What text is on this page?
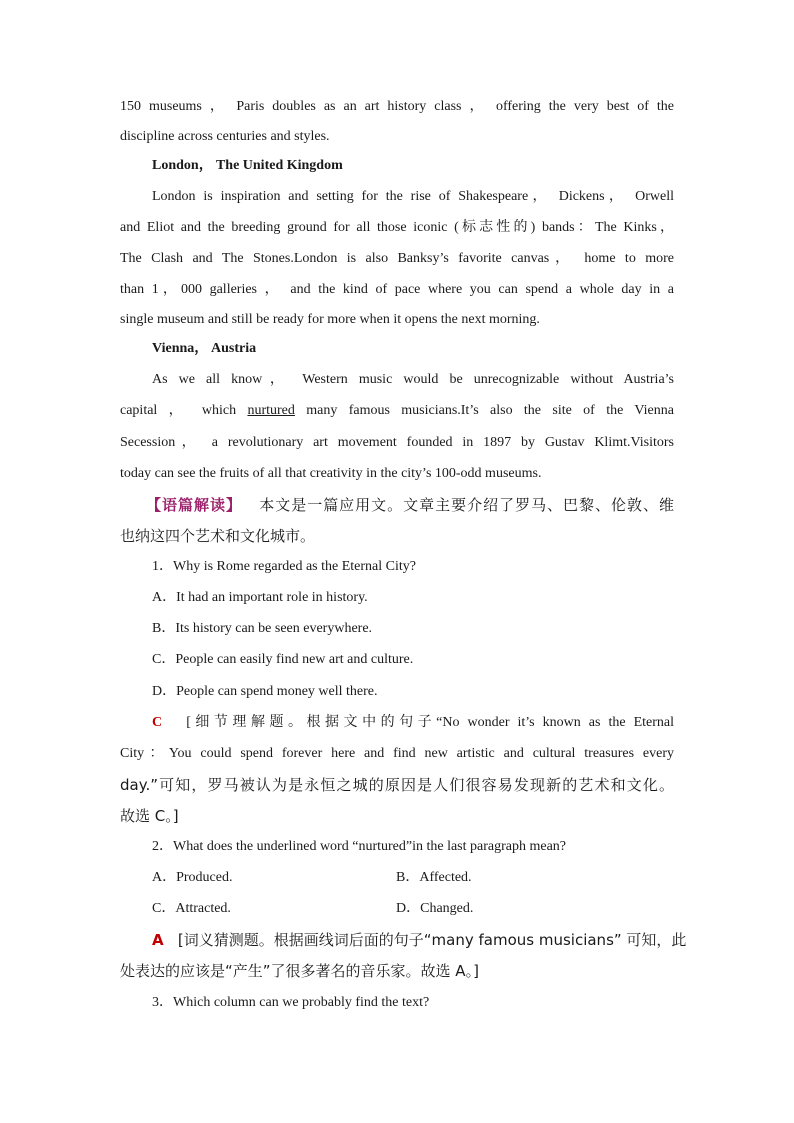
150 museums ， Paris doubles as an art history class ， offering the very best of the
discipline across centuries and styles.
London， The United Kingdom
London is inspiration and setting for the rise of Shakespeare， Dickens， Orwell
and Eliot and the breeding ground for all those iconic (标志性的) bands：The Kinks，
The Clash and The Stones.London is also Banksy’s favorite canvas， home to more
than 1，000 galleries ， and the kind of pace where you can spend a whole day in a
single museum and still be ready for more when it opens the next morning.
Vienna， Austria
As we all know， Western music would be unrecognizable without Austria’s
capital ， which nurtured many famous musicians.It’s also the site of the Vienna
Secession， a revolutionary art movement founded in 1897 by Gustav Klimt.Visitors
today can see the fruits of all that creativity in the city’s 100-odd museums.
【语篇解读】 本文是一篇应用文。文章主要介绍了罗马、巴黎、伦敦、维
也纳这四个艺术和文化城市。
1．Why is Rome regarded as the Eternal City?
A．It had an important role in history.
B．Its history can be seen everywhere.
C．People can easily find new art and culture.
D．People can spend money well there.
C [细节理解题。根据文中的句子“No wonder it’s known as the Eternal
City：You could spend forever here and find new artistic and cultural treasures every
day.”可知，罗马被认为是永恒之城的原因是人们很容易发现新的艺术和文化。
故选 C。]
2．What does the underlined word “nurtured”in the last paragraph mean?
A．Produced.	B．Affected.
C．Attracted.	D．Changed.
A [词义猜测题。根据画线词后面的句子“many famous musicians” 可知，此
处表达的应该是“产生”了很多著名的音乐家。故选 A。]
3．Which column can we probably find the text?
